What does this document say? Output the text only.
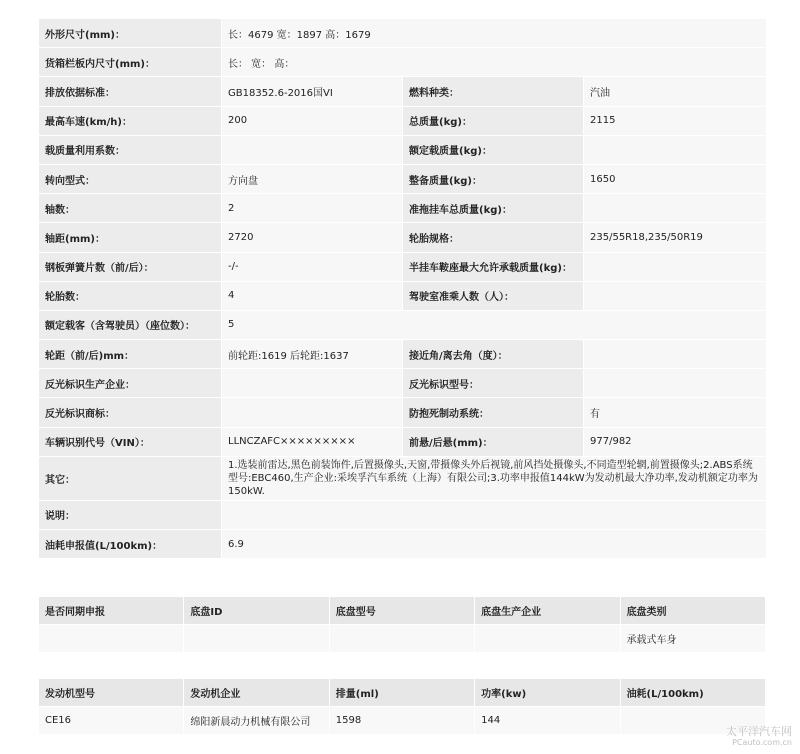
外形尺寸(mm)：	长：4679 宽：1897 高：1679		
货箱栏板内尺寸(mm)：	长： 宽： 高：		
排放依据标准：	GB18352.6-2016国VI	燃料种类：	汽油
最高车速(km/h)：	200	总质量(kg)：	2115
载质量利用系数：		额定载质量(kg)：	
转向型式：	方向盘	整备质量(kg)：	1650
轴数：	2	准拖挂车总质量(kg)：	
轴距(mm)：	2720	轮胎规格：	235/55R18,235/50R19
钢板弹簧片数（前/后）：	-/-	半挂车鞍座最大允许承载质量(kg)：	
轮胎数：	4	驾驶室准乘人数（人）：	
额定载客（含驾驶员）（座位数）：	5		
轮距（前/后)mm：	前轮距:1619 后轮距:1637	接近角/离去角（度）：	
反光标识生产企业：		反光标识型号：	
反光标识商标：		防抱死制动系统：	有
车辆识别代号（VIN）：	LLNCZAFC×××××××××	前悬/后悬(mm)：	977/982
其它：	1.选装前雷达,黑色前装饰件,后置摄像头,天窗,带摄像头外后视镜,前风挡处摄像头,不同造型轮辋,前置摄像头;2.ABS系统型号:EBC460,生产企业:采埃孚汽车系统（上海）有限公司;3.功率申报值144kW为发动机最大净功率,发动机额定功率为150kW.		
说明：			
油耗申报值(L/100km)：	6.9		
是否同期申报	底盘ID	底盘型号	底盘生产企业	底盘类别
				承载式车身
发动机型号	发动机企业	排量(ml)	功率(kw)	油耗(L/100km)
CE16	绵阳新晨动力机械有限公司	1598	144	
太平洋汽车网
PCauto.com.cn
